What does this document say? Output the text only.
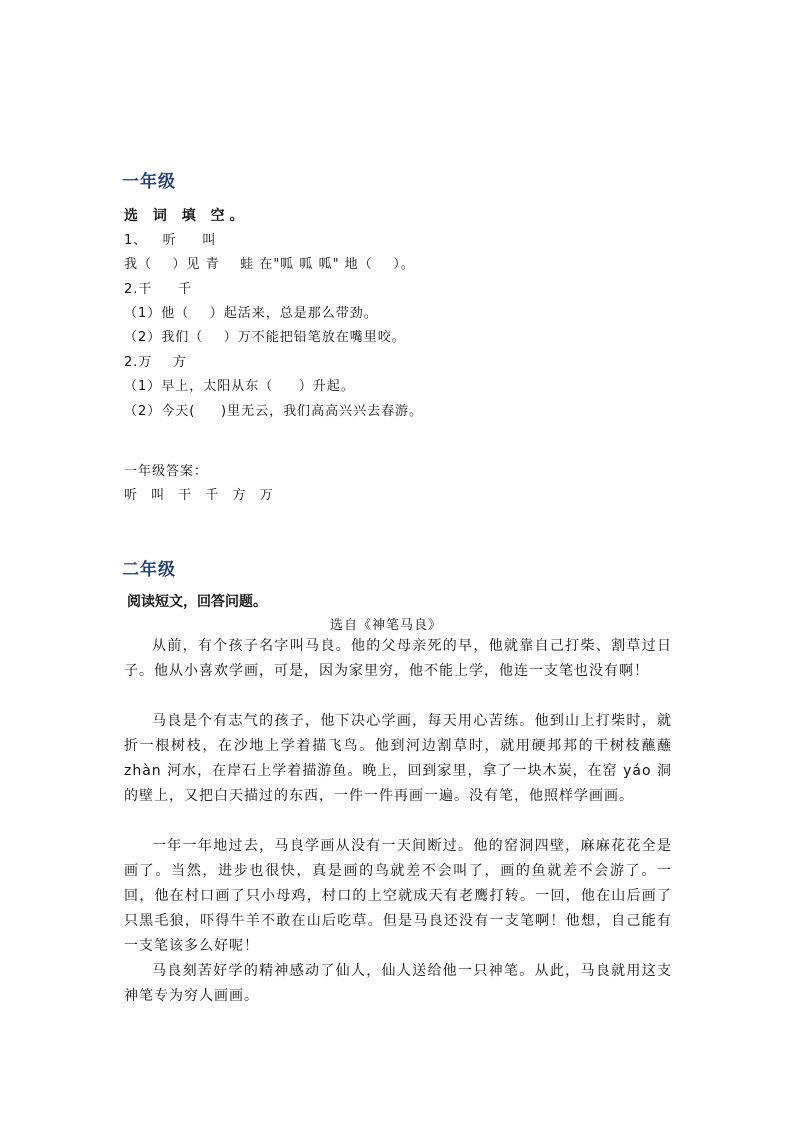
一年级
选 词 填 空。
1、   听     叫
我（    ）见 青    蛙 在"呱 呱 呱" 地（    ）。
2.干     千
（1）他（    ）起活来，总是那么带劲。
（2）我们（    ）万不能把铅笔放在嘴里咬。
2.万    方
（1）早上，太阳从东（     ）升起。
（2）今天(     )里无云，我们高高兴兴去春游。
一年级答案：
听 叫 干 千 方 万
二年级
阅读短文，回答问题。
选自《神笔马良》
从前，有个孩子名字叫马良。他的父母亲死的早，他就靠自己打柴、割草过日子。他从小喜欢学画，可是，因为家里穷，他不能上学，他连一支笔也没有啊！
马良是个有志气的孩子，他下决心学画，每天用心苦练。他到山上打柴时，就折一根树枝，在沙地上学着描飞鸟。他到河边割草时，就用硬邦邦的干树枝蘸蘸 zhàn 河水，在岸石上学着描游鱼。晚上，回到家里，拿了一块木炭，在窑 yáo 洞的壁上，又把白天描过的东西，一件一件再画一遍。没有笔，他照样学画画。
一年一年地过去，马良学画从没有一天间断过。他的窑洞四壁，麻麻花花全是画了。当然，进步也很快，真是画的鸟就差不会叫了，画的鱼就差不会游了。一回，他在村口画了只小母鸡，村口的上空就成天有老鹰打转。一回，他在山后画了只黑毛狼，吓得牛羊不敢在山后吃草。但是马良还没有一支笔啊！他想，自己能有一支笔该多么好呢！
马良刻苦好学的精神感动了仙人，仙人送给他一只神笔。从此，马良就用这支神笔专为穷人画画。
